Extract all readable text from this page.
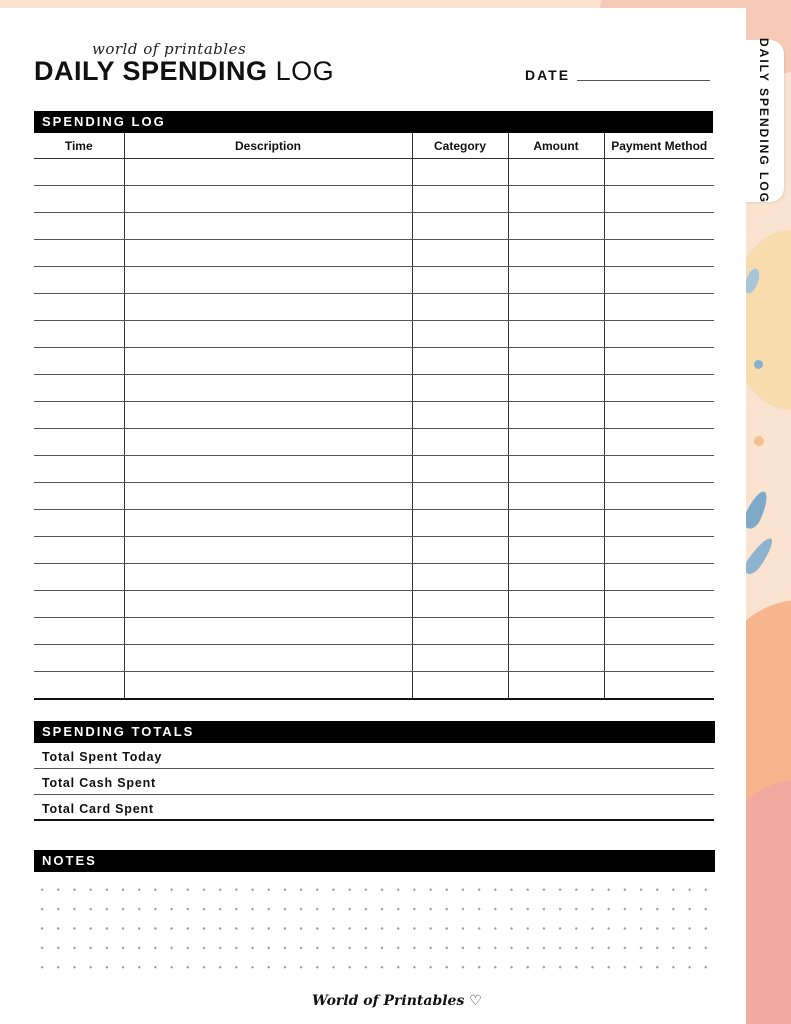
DAILY SPENDING LOG
world of printables
DAILY SPENDING LOG	DATE
SPENDING LOG
Time	Description	Category	Amount	Payment Method

SPENDING TOTALS
Total Spent Today
Total Cash Spent
Total Card Spent
NOTES
World of Printables ♡
